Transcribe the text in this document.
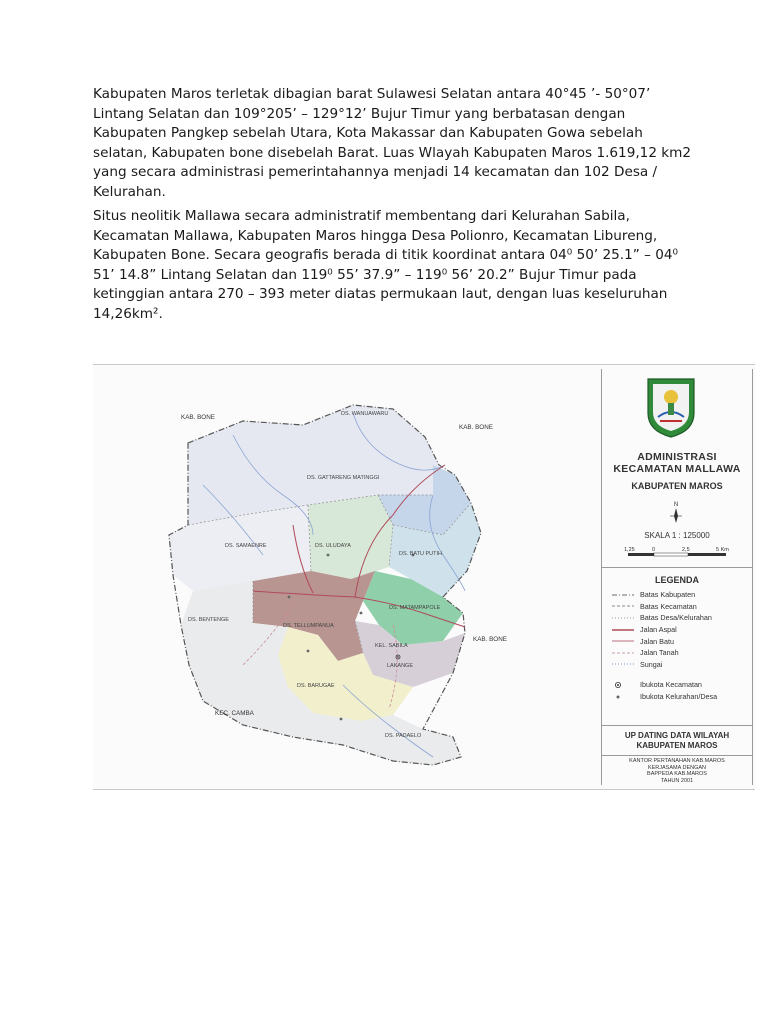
Kabupaten Maros terletak dibagian barat Sulawesi Selatan antara 40°45 ’- 50°07’ Lintang Selatan dan 109°205’ – 129°12’ Bujur Timur yang berbatasan dengan Kabupaten Pangkep sebelah Utara, Kota Makassar dan Kabupaten Gowa sebelah selatan, Kabupaten bone disebelah Barat. Luas Wlayah Kabupaten Maros 1.619,12 km2 yang secara administrasi pemerintahannya menjadi 14 kecamatan dan 102 Desa / Kelurahan.

Situs neolitik Mallawa secara administratif membentang dari Kelurahan Sabila, Kecamatan Mallawa, Kabupaten Maros hingga Desa Polionro, Kecamatan Libureng, Kabupaten Bone. Secara geografis berada di titik koordinat antara 04⁰ 50’ 25.1” – 04⁰ 51’ 14.8” Lintang Selatan dan 119⁰ 55’ 37.9” – 119⁰ 56’ 20.2” Bujur Timur pada ketinggian antara 270 – 393 meter diatas permukaan laut, dengan luas keseluruhan 14,26km².

KAB. BONE
KAB. BONE
KAB. BONE
KEC. CAMBA
DS. WANUAWARU
DS. GATTARENG MATINGGI
DS. SAMAENRE	DS. ULUDAYA
DS. BATU PUTIH
DS. MATAMPAPOLE
DS. BENTENGE
DS. TELLUMPANUA
KEL. SABILA
LAKANGE
DS. BARUGAE
DS. PADAELO
ADMINISTRASI KECAMATAN MALLAWA
KABUPATEN MAROS
N
SKALA 1 : 125000
1,25	0	2,5	5 Km
LEGENDA
Batas Kabupaten
Batas Kecamatan
Batas Desa/Kelurahan
Jalan Aspal
Jalan Batu
Jalan Tanah
Sungai
Ibukota Kecamatan
Ibukota Kelurahan/Desa
UP DATING DATA WILAYAH KABUPATEN MAROS
KANTOR PERTANAHAN KAB.MAROS
KERJASAMA DENGAN
BAPPEDA KAB.MAROS
TAHUN 2001
